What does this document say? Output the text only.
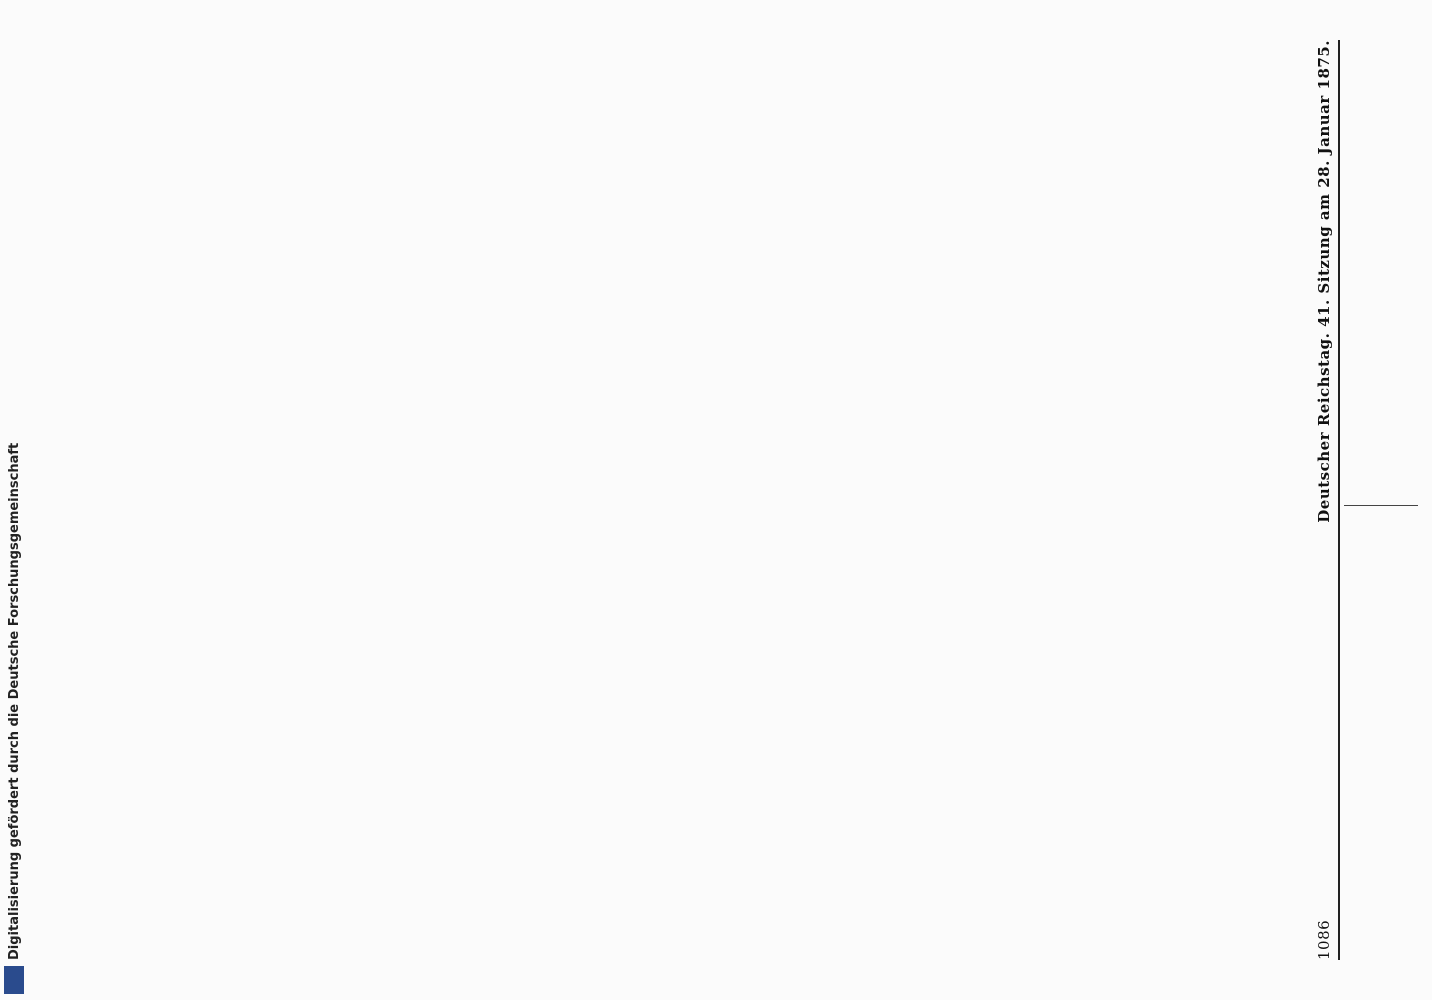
1086
Deutscher Reichstag. 41. Sitzung am 28. Januar 1875.
Digitalisierung gefördert durch die Deutsche Forschungsgemeinschaft
